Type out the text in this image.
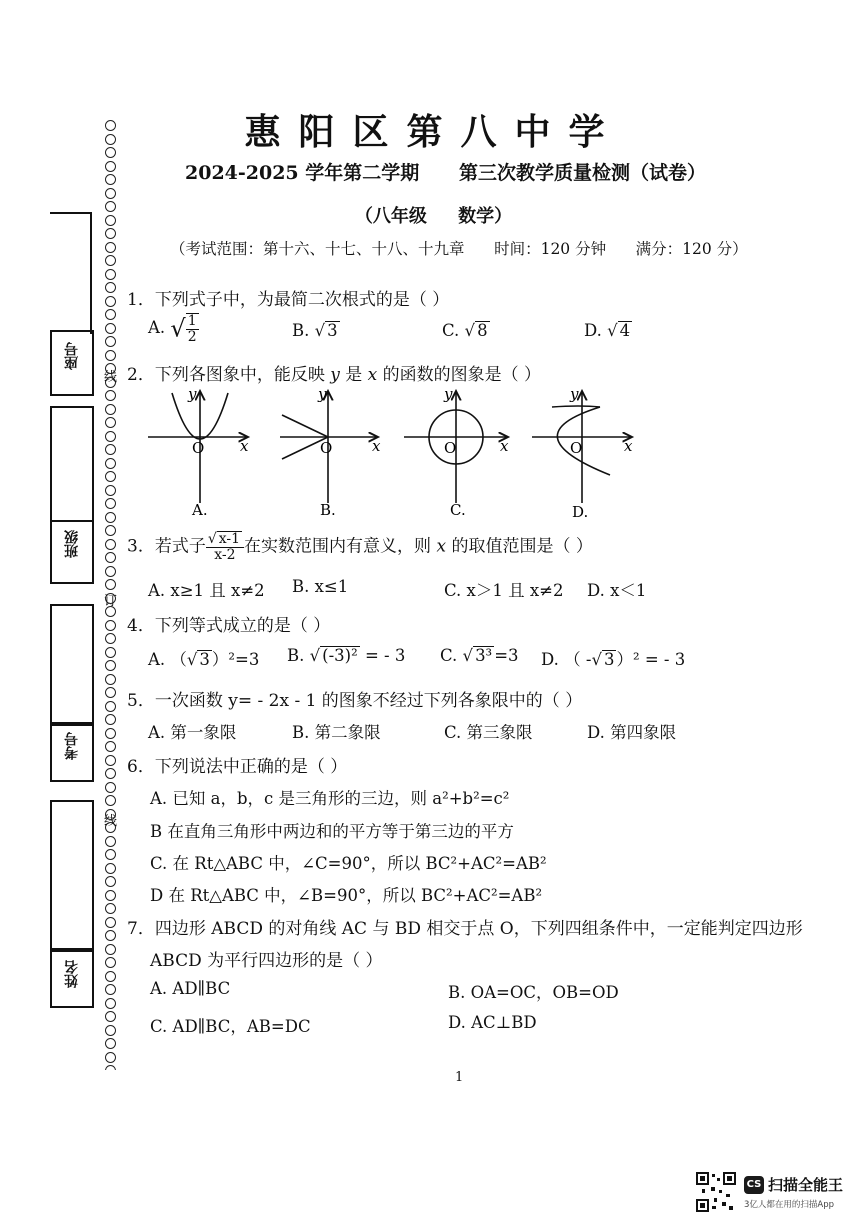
座号
班级
考号
姓名
线
订
线
惠阳区第八中学
2024-2025 学年第二学期 第三次教学质量检测（试卷）
（八年级     数学）
（考试范围：第十六、十七、十八、十九章 时间：120 分钟 满分：120 分）
1．下列式子中，为最简二次根式的是（ ）
A. √ $\frac{1}{2}$	B. √ 3	C. √ 8	D. √ 4
2．下列各图象中，能反映 y 是 x 的函数的图象是（ ）
O	O	O	O
y	y	y	y
x	x	x	x
A.	B.	C.	D.
3．若式子 $\frac{√ x-1}{x-2}$ 在实数范围内有意义，则 x 的取值范围是（ ）
A. x≥1 且 x≠2 B. x≤1	C. x＞1 且 x≠2 D. x＜1
4．下列等式成立的是（ ）
A. （√ 3 ）²=3 B. √ (-3)² = - 3 C. √ 3³ =3 D. （ -√ 3 ）² = - 3
5．一次函数 y= - 2x - 1 的图象不经过下列各象限中的（ ）
A. 第一象限	B. 第二象限	C. 第三象限	D. 第四象限
6．下列说法中正确的是（ ）
A. 已知 a，b，c 是三角形的三边，则 a²+b²=c²
B 在直角三角形中两边和的平方等于第三边的平方
C. 在 Rt△ABC 中，∠C=90°，所以 BC²+AC²=AB²
D 在 Rt△ABC 中，∠B=90°，所以 BC²+AC²=AB²
7．四边形 ABCD 的对角线 AC 与 BD 相交于点 O，下列四组条件中，一定能判定四边形
ABCD 为平行四边形的是（ ）
A. AD∥BC	B. OA=OC，OB=OD
C. AD∥BC，AB=DC	D. AC⊥BD
1
CS 扫描全能王
3亿人都在用的扫描App
